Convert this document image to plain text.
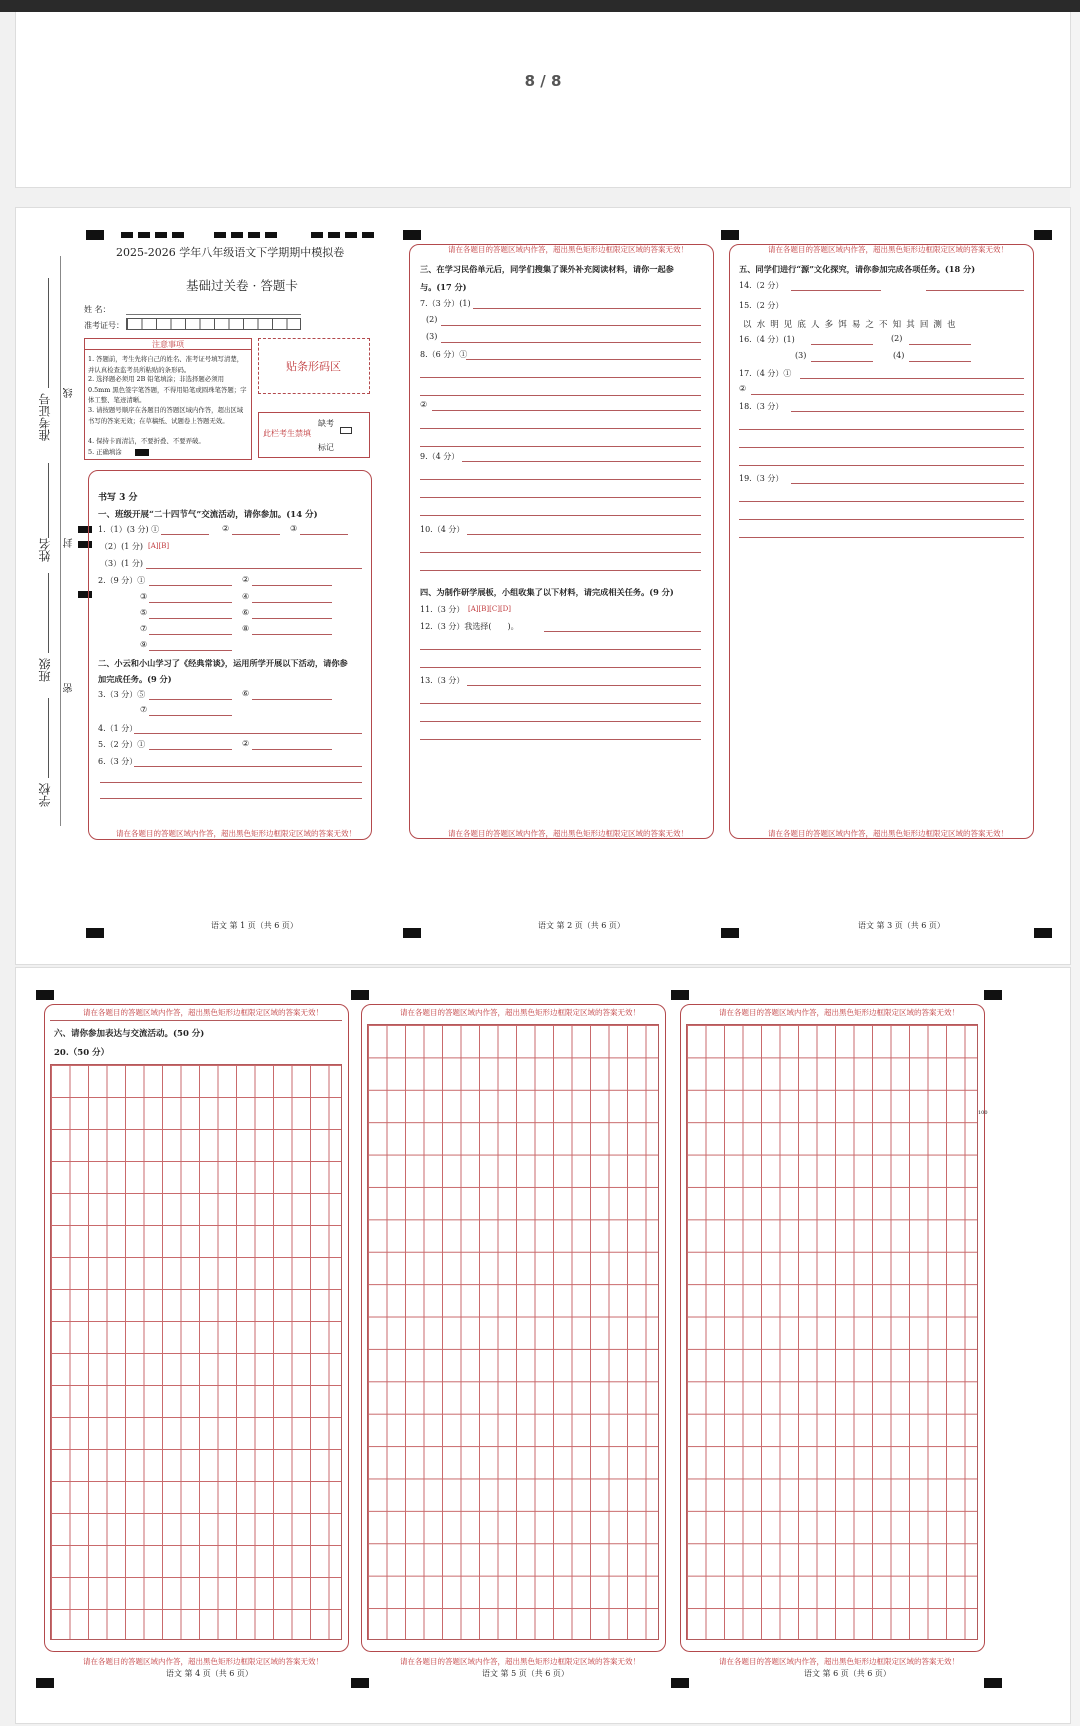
8 / 8
准考证号 线
姓名 封
班级
密
学校
2025-2026 学年八年级语文下学期期中模拟卷
基础过关卷 · 答题卡
姓 名：
准考证号：
注意事项
1. 答题前，考生先将自己的姓名、准考证号填写清楚，并认真检查监考员所粘贴的条形码。
2. 选择题必须用 2B 铅笔填涂；非选择题必须用 0.5mm 黑色签字笔答题，不得用铅笔或圆珠笔答题；字体工整、笔迹清晰。
3. 请按题号顺序在各题目的答题区域内作答，超出区域书写的答案无效；在草稿纸、试题卷上答题无效。
4. 保持卡面清洁，不要折叠、不要弄破。
5. 正确填涂
贴条形码区
此栏考生禁填
缺考
标记
书写 3 分
一、班级开展“二十四节气”交流活动，请你参加。(14 分)
1.（1）(3 分) ①	②	③
（2）(1 分) [A][B]
（3）(1 分)
2.（9 分）①	②
③	④
⑤	⑥
⑦	⑧
⑨
二、小云和小山学习了《经典常谈》，运用所学开展以下活动，请你参
加完成任务。(9 分)
3.（3 分）⑤	⑥
⑦
4.（1 分）
5.（2 分）①	②
6.（3 分）
请在各题目的答题区域内作答，超出黑色矩形边框限定区域的答案无效！
语文 第 1 页（共 6 页）
请在各题目的答题区域内作答，超出黑色矩形边框限定区域的答案无效！
三、在学习民俗单元后，同学们搜集了课外补充阅读材料，请你一起参
与。(17 分)
7.（3 分）(1)
(2)
(3)
8.（6 分）①
②
9.（4 分）
10.（4 分）
四、为制作研学展板，小组收集了以下材料，请完成相关任务。(9 分)
11.（3 分） [A][B][C][D]
12.（3 分）我选择(　　)。
13.（3 分）
请在各题目的答题区域内作答，超出黑色矩形边框限定区域的答案无效！
语文 第 2 页（共 6 页）
请在各题目的答题区域内作答，超出黑色矩形边框限定区域的答案无效！
五、同学们进行“源”文化探究，请你参加完成各项任务。(18 分)
14.（2 分）
15.（2 分）
以 水 明 见 底 人 多 饵 易 之 不 知 其 回 测 也
16.（4 分）(1)	(2)
(3)	(4)
17.（4 分）①
②
18.（3 分）
19.（3 分）
请在各题目的答题区域内作答，超出黑色矩形边框限定区域的答案无效！
语文 第 3 页（共 6 页）
请在各题目的答题区域内作答，超出黑色矩形边框限定区域的答案无效！
六、请你参加表达与交流活动。(50 分)
20.（50 分）
请在各题目的答题区域内作答，超出黑色矩形边框限定区域的答案无效！
语文 第 4 页（共 6 页）
请在各题目的答题区域内作答，超出黑色矩形边框限定区域的答案无效！
请在各题目的答题区域内作答，超出黑色矩形边框限定区域的答案无效！
语文 第 5 页（共 6 页）
请在各题目的答题区域内作答，超出黑色矩形边框限定区域的答案无效！
100
请在各题目的答题区域内作答，超出黑色矩形边框限定区域的答案无效！
语文 第 6 页（共 6 页）
